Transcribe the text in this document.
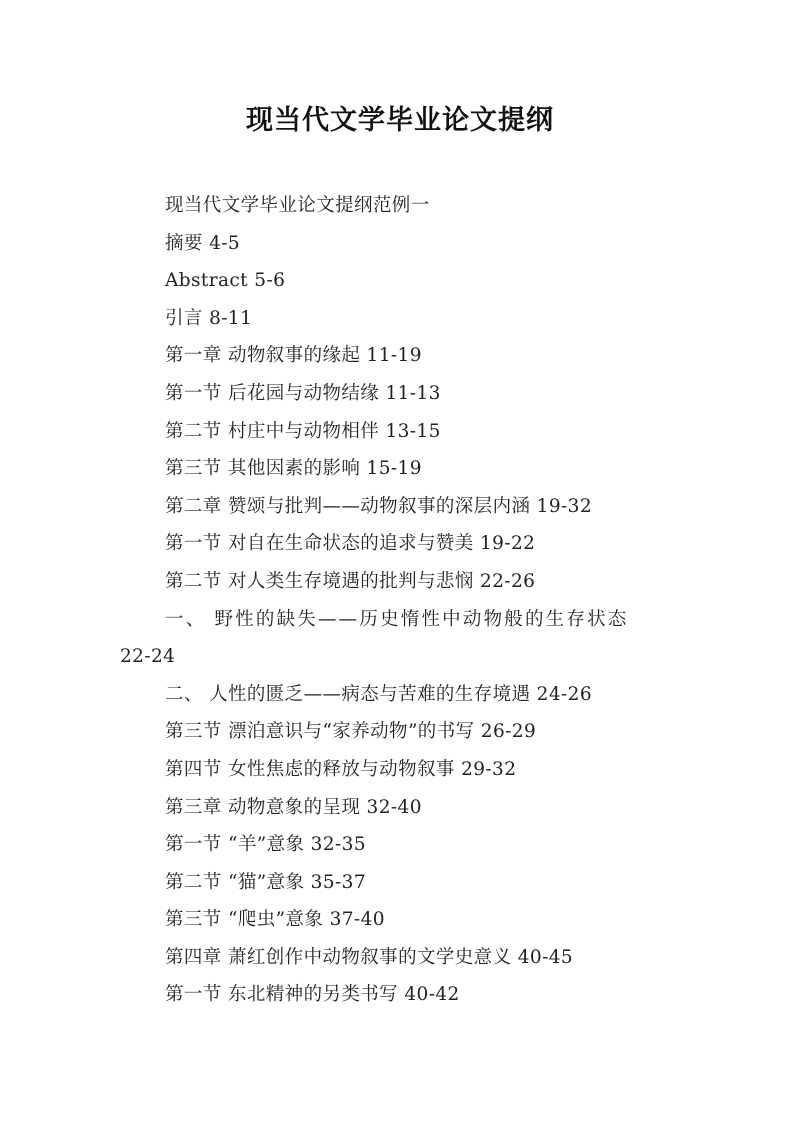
现当代文学毕业论文提纲
现当代文学毕业论文提纲范例一
摘要 4-5
Abstract 5-6
引言 8-11
第一章 动物叙事的缘起 11-19
第一节 后花园与动物结缘 11-13
第二节 村庄中与动物相伴 13-15
第三节 其他因素的影响 15-19
第二章 赞颂与批判——动物叙事的深层内涵 19-32
第一节 对自在生命状态的追求与赞美 19-22
第二节 对人类生存境遇的批判与悲悯 22-26
一、 野性的缺失——历史惰性中动物般的生存状态
22-24
二、 人性的匮乏——病态与苦难的生存境遇 24-26
第三节 漂泊意识与“家养动物”的书写 26-29
第四节 女性焦虑的释放与动物叙事 29-32
第三章 动物意象的呈现 32-40
第一节 “羊”意象 32-35
第二节 “猫”意象 35-37
第三节 “爬虫”意象 37-40
第四章 萧红创作中动物叙事的文学史意义 40-45
第一节 东北精神的另类书写 40-42
